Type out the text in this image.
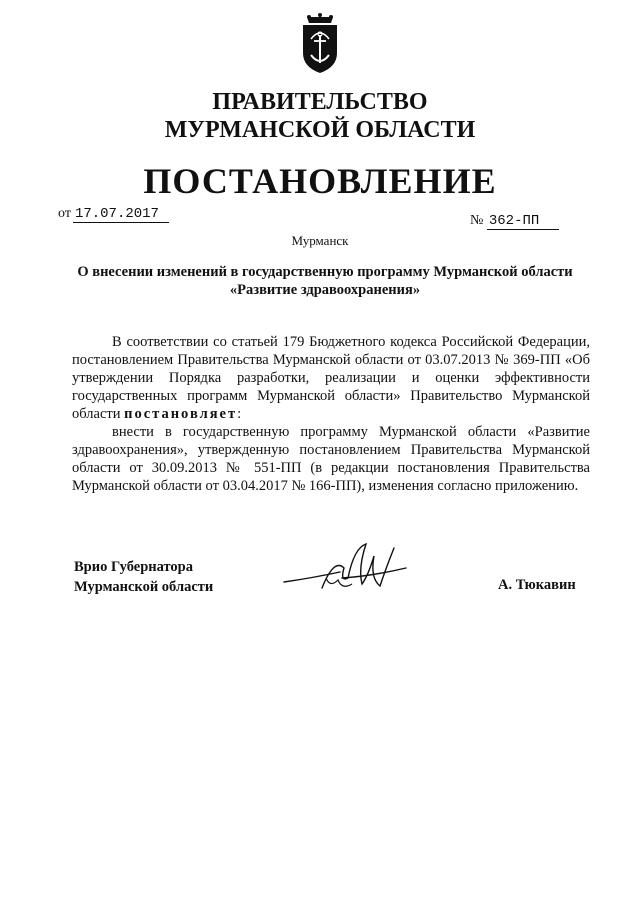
ПРАВИТЕЛЬСТВО
МУРМАНСКОЙ ОБЛАСТИ
ПОСТАНОВЛЕНИЕ
от 17.07.2017	№ 362-ПП
Мурманск
О внесении изменений в государственную программу Мурманской области
«Развитие здравоохранения»

В соответствии со статьей 179 Бюджетного кодекса Российской Федерации, постановлением Правительства Мурманской области от 03.07.2013 № 369-ПП «Об утверждении Порядка разработки, реализации и оценки эффективности государственных программ Мурманской области» Правительство Мурманской области постановляет:

внести в государственную программу Мурманской области «Развитие здравоохранения», утвержденную постановлением Правительства Мурманской области от 30.09.2013 № 551-ПП (в редакции постановления Правительства Мурманской области от 03.04.2017 № 166-ПП), изменения согласно приложению.

Врио Губернатора
Мурманской области	А. Тюкавин
